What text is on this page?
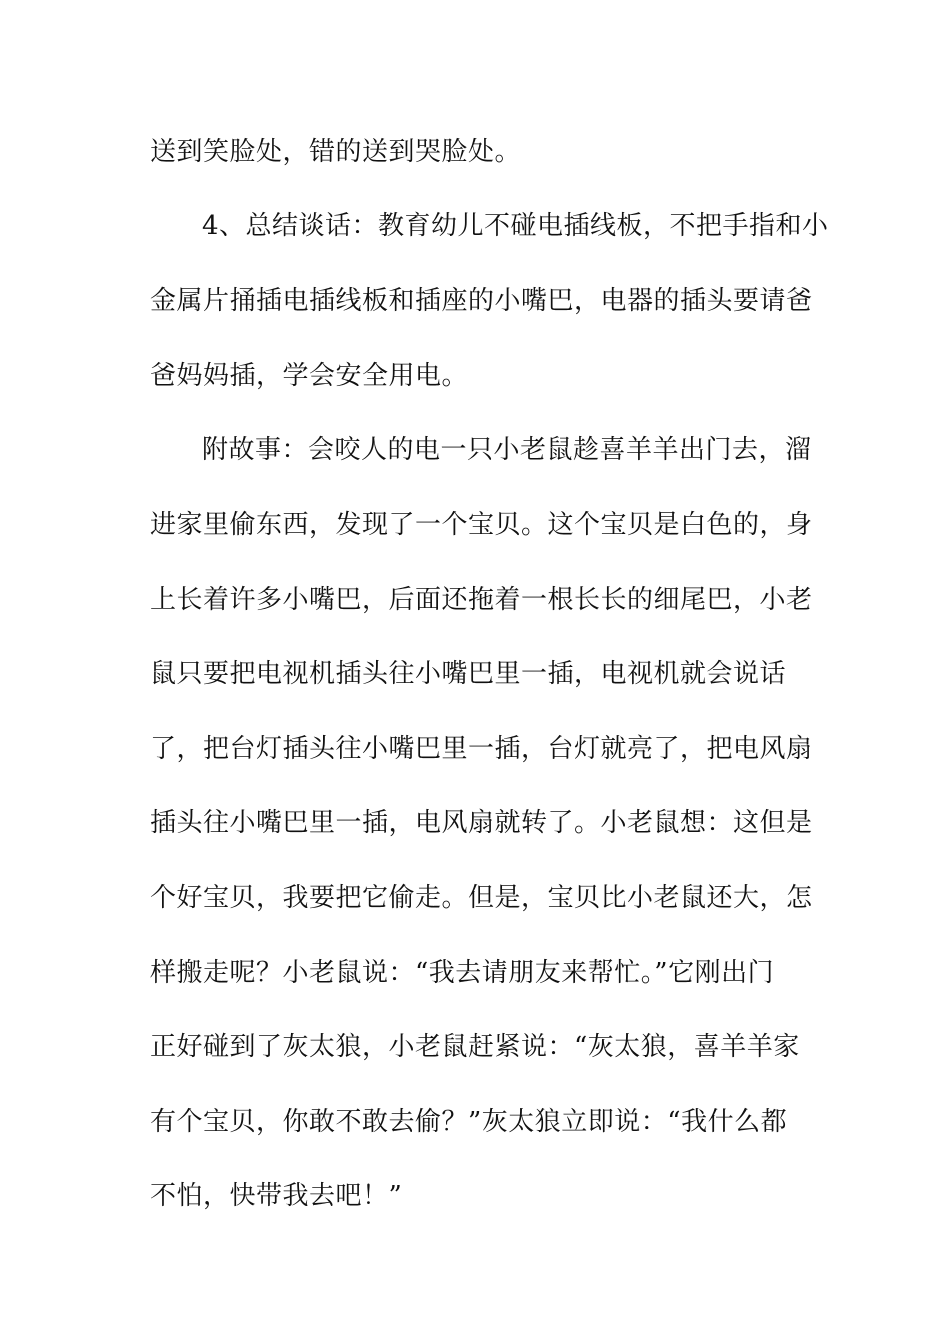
送到笑脸处，错的送到哭脸处。

4、总结谈话：教育幼儿不碰电插线板，不把手指和小

金属片捅插电插线板和插座的小嘴巴，电器的插头要请爸

爸妈妈插，学会安全用电。

附故事：会咬人的电一只小老鼠趁喜羊羊出门去，溜

进家里偷东西，发现了一个宝贝。这个宝贝是白色的，身

上长着许多小嘴巴，后面还拖着一根长长的细尾巴，小老

鼠只要把电视机插头往小嘴巴里一插，电视机就会说话

了，把台灯插头往小嘴巴里一插，台灯就亮了，把电风扇

插头往小嘴巴里一插，电风扇就转了。小老鼠想：这但是

个好宝贝，我要把它偷走。但是，宝贝比小老鼠还大，怎

样搬走呢？小老鼠说：“我去请朋友来帮忙。”它刚出门

正好碰到了灰太狼，小老鼠赶紧说：“灰太狼，喜羊羊家

有个宝贝，你敢不敢去偷？”灰太狼立即说：“我什么都

不怕，快带我去吧！”
